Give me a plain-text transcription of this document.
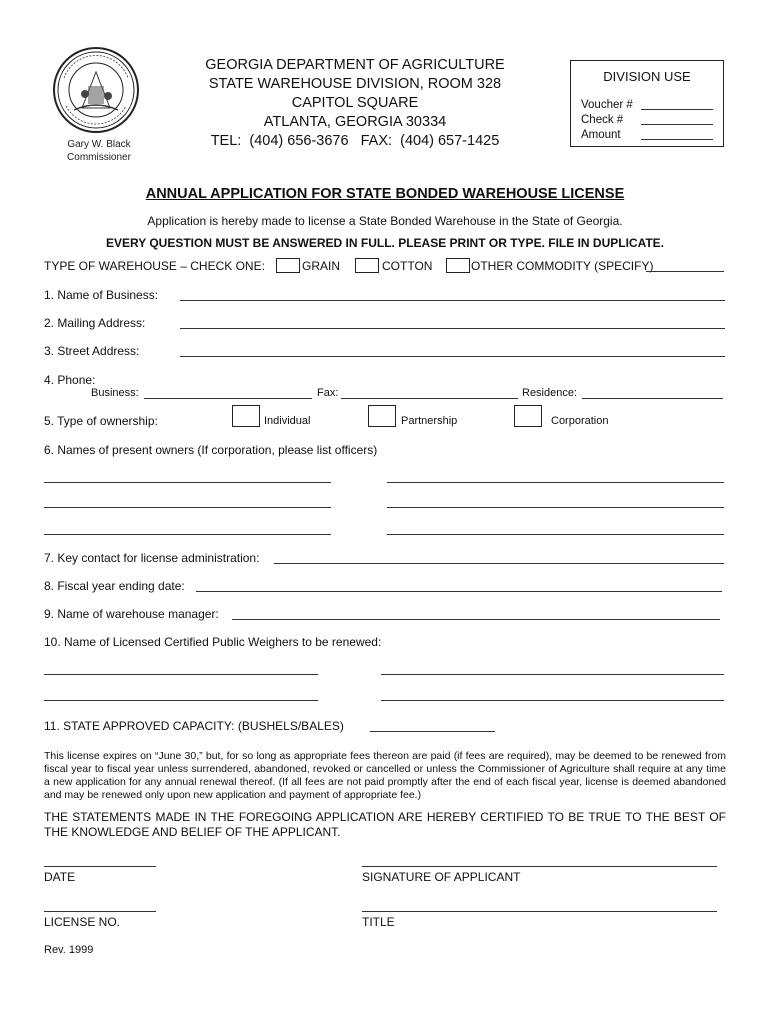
Gary W. Black
Commissioner
GEORGIA DEPARTMENT OF AGRICULTURE
STATE WAREHOUSE DIVISION, ROOM 328
CAPITOL SQUARE
ATLANTA, GEORGIA 30334
TEL:  (404) 656-3676   FAX:  (404) 657-1425
DIVISION USE
Voucher #
Check #
Amount
ANNUAL APPLICATION FOR STATE BONDED WAREHOUSE LICENSE
Application is hereby made to license a State Bonded Warehouse in the State of Georgia.
EVERY QUESTION MUST BE ANSWERED IN FULL. PLEASE PRINT OR TYPE. FILE IN DUPLICATE.
TYPE OF WAREHOUSE – CHECK ONE:	GRAIN	COTTON	OTHER COMMODITY (SPECIFY)
1. Name of Business:
2. Mailing Address:
3. Street Address:
4. Phone:
Business:	Fax:	Residence:
5. Type of ownership:	Individual	Partnership	Corporation
6. Names of present owners (If corporation, please list officers)
7. Key contact for license administration:
8. Fiscal year ending date:
9. Name of warehouse manager:
10. Name of Licensed Certified Public Weighers to be renewed:
11. STATE APPROVED CAPACITY: (BUSHELS/BALES)
This license expires on “June 30,” but, for so long as appropriate fees thereon are paid (if fees are required), may be deemed to be renewed from fiscal year to fiscal year unless surrendered, abandoned, revoked or cancelled or unless the Commissioner of Agriculture shall require at any time a new application for any annual renewal thereof. (If all fees are not paid promptly after the end of each fiscal year, license is deemed abandoned and may be renewed only upon new application and payment of appropriate fee.)
THE STATEMENTS MADE IN THE FOREGOING APPLICATION ARE HEREBY CERTIFIED TO BE TRUE TO THE BEST OF THE KNOWLEDGE AND BELIEF OF THE APPLICANT.
DATE	SIGNATURE OF APPLICANT
LICENSE NO.	TITLE
Rev. 1999
